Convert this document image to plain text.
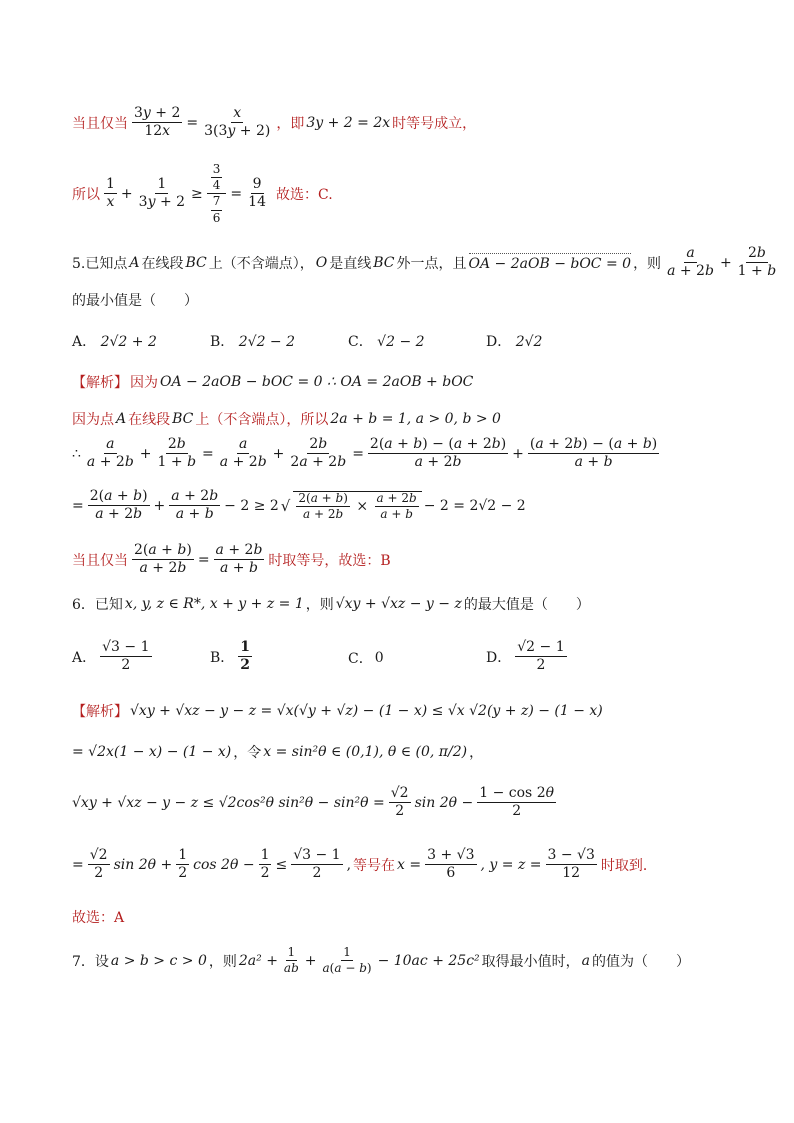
当且仅当 $\frac{3y + 2}{12x} = \frac{x}{3(3y + 2)}$ ，即 3y + 2 = 2x 时等号成立，
所以 $\frac{1}{x} + \frac{1}{3y + 2} \ge \frac{\frac{3}{4}}{\frac{7}{6}} = \frac{9}{14}$ 故选：C.
5.已知点 A 在线段 BC 上（不含端点）， O 是直线 BC 外一点，且 OA − 2aOB − bOC = 0 ，则 $\frac{a}{a + 2b} + \frac{2b}{1 + b}$
的最小值是（　　）
A． 2√2 + 2	B． 2√2 − 2	C． √2 − 2	D． 2√2
【解析】 因为 OA − 2aOB − bOC = 0 ∴ OA = 2aOB + bOC
因为点 A 在线段 BC 上（不含端点），所以 2a + b = 1, a > 0, b > 0
∴ $\frac{a}{a + 2b} + \frac{2b}{1 + b} = \frac{a}{a + 2b} + \frac{2b}{2a + 2b} = \frac{2(a + b) - (a + 2b)}{a + 2b} + \frac{(a + 2b) - (a + b)}{a + b}$
= $\frac{2(a + b)}{a + 2b} + \frac{a + 2b}{a + b} - 2 \ge 2$ √ $\frac{2(a + b)}{a + 2b} \times \frac{a + 2b}{a + b} - 2 = 2√2 - 2$
当且仅当 $\frac{2(a + b)}{a + 2b} = \frac{a + 2b}{a + b}$ 时取等号，故选：B
6．已知 x, y, z ∈ R*, x + y + z = 1 ，则 √xy + √xz − y − z 的最大值是（　　）
A． $\frac{√3 - 1}{2}$	B． $\frac{1}{2}$	C． 0	D． $\frac{√2 - 1}{2}$
【解析】 √xy + √xz − y − z = √x(√y + √z) − (1 − x) ≤ √x √2(y + z) − (1 − x)
= √2x(1 − x) − (1 − x) ，令 x = sin²θ ∈ (0,1), θ ∈ (0, π/2) ，
√xy + √xz − y − z ≤ √2cos²θ $\sin^2\theta - \sin^2\theta = \frac{√2}{2}$ $\sin 2\theta - \frac{1 - \cos 2\theta}{2}$
= $\frac{√2}{2}$ $\sin 2\theta + \frac{1}{2}$ $\cos 2\theta - \frac{1}{2} \le \frac{√3 - 1}{2}$ , 等号在 $x = \frac{3 + √3}{6}$ , $y = z = \frac{3 - √3}{12}$ 时取到．
故选：A
7．设 a > b > c > 0 ，则 $2a^2 + \frac{1}{ab} + \frac{1}{a(a - b)} - 10ac + 25c^2$ 取得最小值时， a 的值为（　　）
